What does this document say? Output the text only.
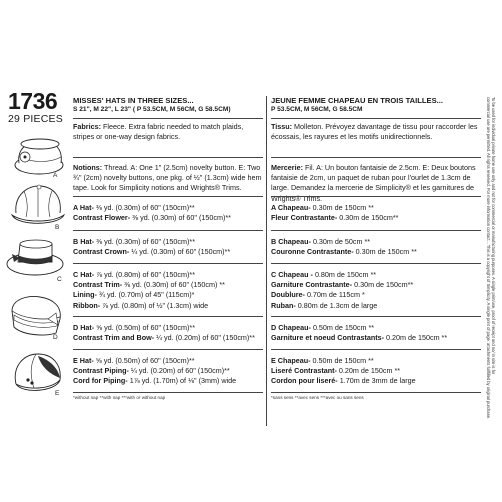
1736
29 PIECES
A
B
C
D
E
MISSES' HATS IN THREE SIZES...
S 21", M 22", L 23" ( P 53.5CM, M 56CM, G 58.5CM)
Fabrics: Fleece. Extra fabric needed to match plaids, stripes or one-way design fabrics.
Notions: Thread. A: One 1" (2.5cm) novelty button. E: Two ¾" (2cm) novelty buttons, one pkg. of ½" (1.3cm) wide hem tape. Look for Simplicity notions and Wrights® Trims.
A Hat- ⅜ yd. (0.30m) of 60" (150cm)**
Contrast Flower- ⅜ yd. (0.30m) of 60" (150cm)**
B Hat- ⅜ yd. (0.30m) of 60" (150cm)**
Contrast Crown- ¼ yd. (0.30m) of 60" (150cm)**
C Hat- ⅞ yd. (0.80m) of 60" (150cm)**
Contrast Trim- ⅜ yd. (0.30m) of 60" (150cm) **
Lining- ¾ yd. (0.70m) of 45" (115cm)*
Ribbon- ⅞ yd. (0.80m) of ½" (1.3cm) wide
D Hat- ⅝ yd. (0.50m) of 60" (150cm)**
Contrast Trim and Bow- ¼ yd. (0.20m) of 60" (150cm)**
E Hat- ⅝ yd. (0.50m) of 60" (150cm)**
Contrast Piping- ¼ yd. (0.20m) of 60" (150cm)**
Cord for Piping- 1⅞ yd. (1.70m) of ⅛" (3mm) wide
*without nap **with nap ***with or without nap
JEUNE FEMME CHAPEAU EN TROIS TAILLES...
P 53.5CM, M 56CM, G 58.5CM
Tissu: Molleton. Prévoyez davantage de tissu pour raccorder les écossais, les rayures et les motifs unidirectionnels.
Mercerie: Fil. A: Un bouton fantaisie de 2.5cm. E: Deux boutons fantaisie de 2cm, un paquet de ruban pour l'ourlet de 1.3cm de large. Demandez la mercerie de Simplicity® et les garnitures de Wrights® Trims.
A Chapeau- 0.30m de 150cm **
Fleur Contrastante- 0.30m de 150cm**
B Chapeau- 0.30m de 50cm **
Couronne Contrastante- 0.30m de 150cm **
C Chapeau - 0.80m de 150cm **
Garniture Contrastante- 0.30m de 150cm**
Doublure- 0.70m de 115cm *
Ruban- 0.80m de 1.3cm de large
D Chapeau- 0.50m de 150cm **
Garniture et noeud Contrastants- 0.20m de 150cm **
E Chapeau- 0.50m de 150cm **
Liseré Contrastant- 0.20m de 150cm **
Cordon pour liseré- 1.70m de 3mm de large
*sans sens **avec sens ***avec ou sans sens
To be used for individual private home use only and not for commercial or manufacturing purposes. A single print/use, proof of receipt and no/ in site is for
commercial use are permitted. All rights reserved. For more information contact... This is a copyright of Simplicity. A single print of page: attachments fullfilled by original purchase.
